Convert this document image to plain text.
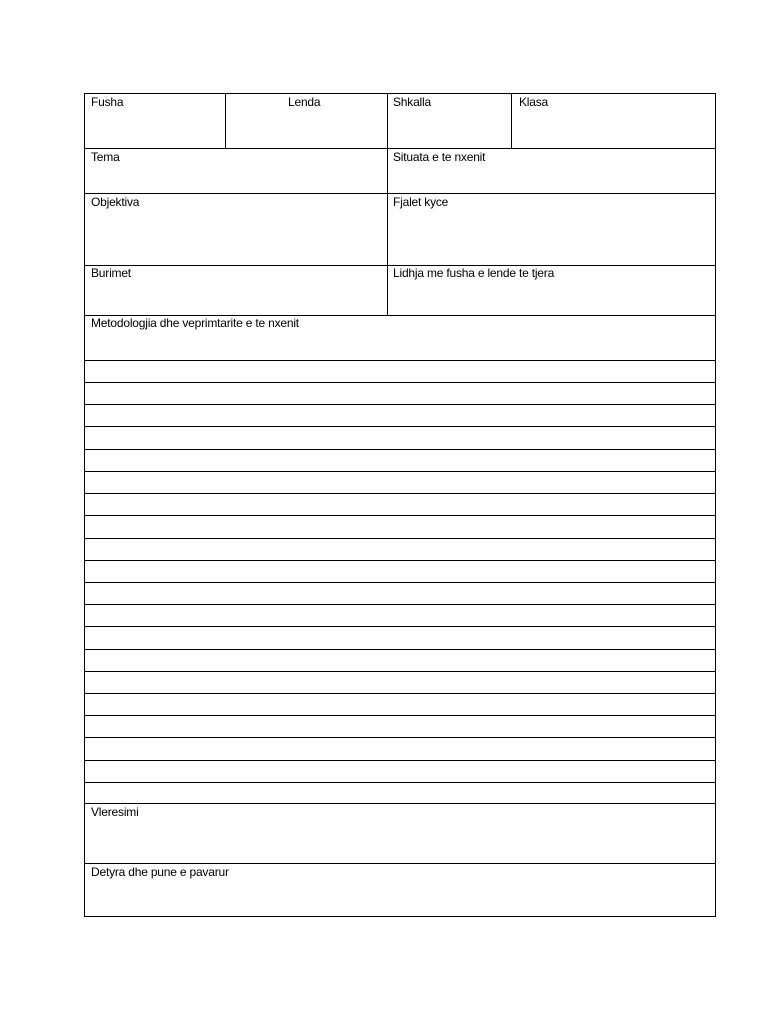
Fusha	Lenda	Shkalla	Klasa
Tema	Situata e te nxenit
Objektiva	Fjalet kyce
Burimet	Lidhja me fusha e lende te tjera
Metodologjia dhe veprimtarite e te nxenit
Vleresimi
Detyra dhe pune e pavarur
